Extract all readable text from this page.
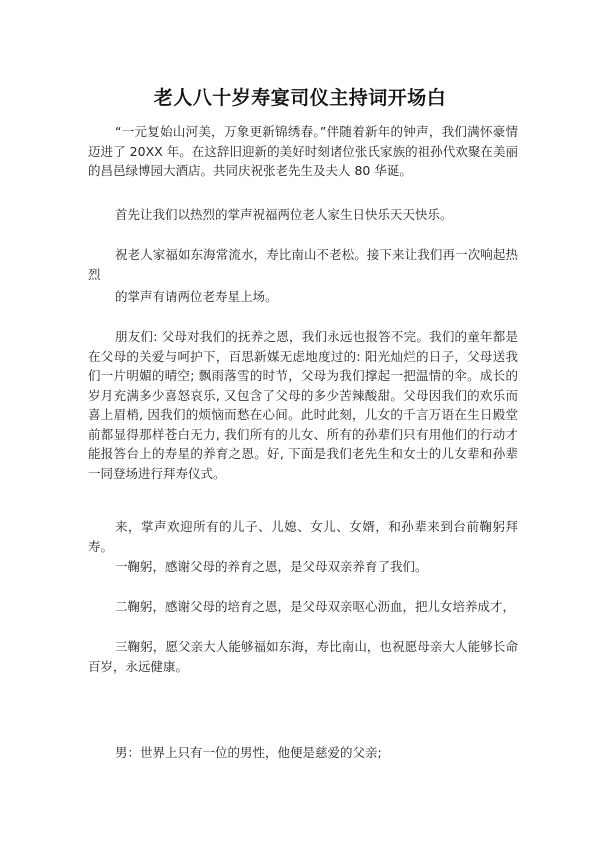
老人八十岁寿宴司仪主持词开场白

“一元复始山河美，万象更新锦绣春。”伴随着新年的钟声，我们满怀豪情迈进了 20XX 年。在这辞旧迎新的美好时刻诸位张氏家族的祖孙代欢聚在美丽的昌邑绿博园大酒店。共同庆祝张老先生及夫人 80 华诞。

首先让我们以热烈的掌声祝福两位老人家生日快乐天天快乐。

祝老人家福如东海常流水，寿比南山不老松。接下来让我们再一次响起热烈

的掌声有请两位老寿星上场。

朋友们: 父母对我们的抚养之恩，我们永远也报答不完。我们的童年都是在父母的关爱与呵护下，百思新媒无虑地度过的: 阳光灿烂的日子，父母送我们一片明媚的晴空; 飘雨落雪的时节，父母为我们撑起一把温情的伞。成长的岁月充满多少喜怒哀乐, 又包含了父母的多少苦辣酸甜。父母因我们的欢乐而喜上眉梢, 因我们的烦恼而愁在心间。此时此刻，儿女的千言万语在生日殿堂前都显得那样苍白无力, 我们所有的儿女、所有的孙辈们只有用他们的行动才能报答台上的寿星的养育之恩。好, 下面是我们老先生和女士的儿女辈和孙辈一同登场进行拜寿仪式。

来，掌声欢迎所有的儿子、儿媳、女儿、女婿，和孙辈来到台前鞠躬拜寿。

一鞠躬，感谢父母的养育之恩，是父母双亲养育了我们。

二鞠躬，感谢父母的培育之恩，是父母双亲呕心沥血，把儿女培养成才，

三鞠躬，愿父亲大人能够福如东海，寿比南山，也祝愿母亲大人能够长命百岁，永远健康。

男：世界上只有一位的男性，他便是慈爱的父亲;
